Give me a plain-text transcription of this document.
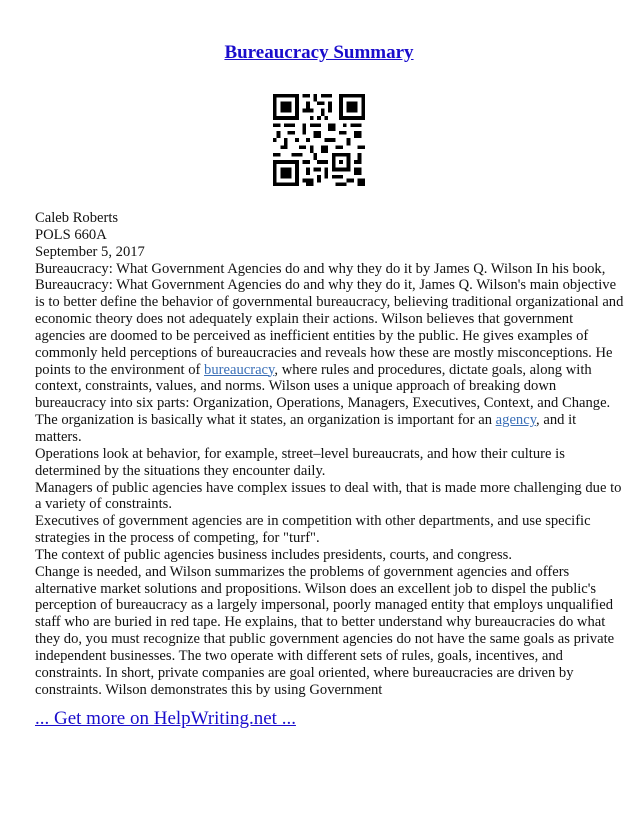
Bureaucracy Summary
Caleb Roberts
POLS 660A
September 5, 2017
Bureaucracy: What Government Agencies do and why they do it by James Q. Wilson In his book,
Bureaucracy: What Government Agencies do and why they do it, James Q. Wilson's main objective
is to better define the behavior of governmental bureaucracy, believing traditional organizational and
economic theory does not adequately explain their actions. Wilson believes that government
agencies are doomed to be perceived as inefficient entities by the public. He gives examples of
commonly held perceptions of bureaucracies and reveals how these are mostly misconceptions. He
points to the environment of bureaucracy, where rules and procedures, dictate goals, along with
context, constraints, values, and norms. Wilson uses a unique approach of breaking down
bureaucracy into six parts: Organization, Operations, Managers, Executives, Context, and Change.
The organization is basically what it states, an organization is important for an agency, and it
matters.
Operations look at behavior, for example, street–level bureaucrats, and how their culture is
determined by the situations they encounter daily.
Managers of public agencies have complex issues to deal with, that is made more challenging due to
a variety of constraints.
Executives of government agencies are in competition with other departments, and use specific
strategies in the process of competing, for "turf".
The context of public agencies business includes presidents, courts, and congress.
Change is needed, and Wilson summarizes the problems of government agencies and offers
alternative market solutions and propositions. Wilson does an excellent job to dispel the public's
perception of bureaucracy as a largely impersonal, poorly managed entity that employs unqualified
staff who are buried in red tape. He explains, that to better understand why bureaucracies do what
they do, you must recognize that public government agencies do not have the same goals as private
independent businesses. The two operate with different sets of rules, goals, incentives, and
constraints. In short, private companies are goal oriented, where bureaucracies are driven by
constraints. Wilson demonstrates this by using Government
... Get more on HelpWriting.net ...
